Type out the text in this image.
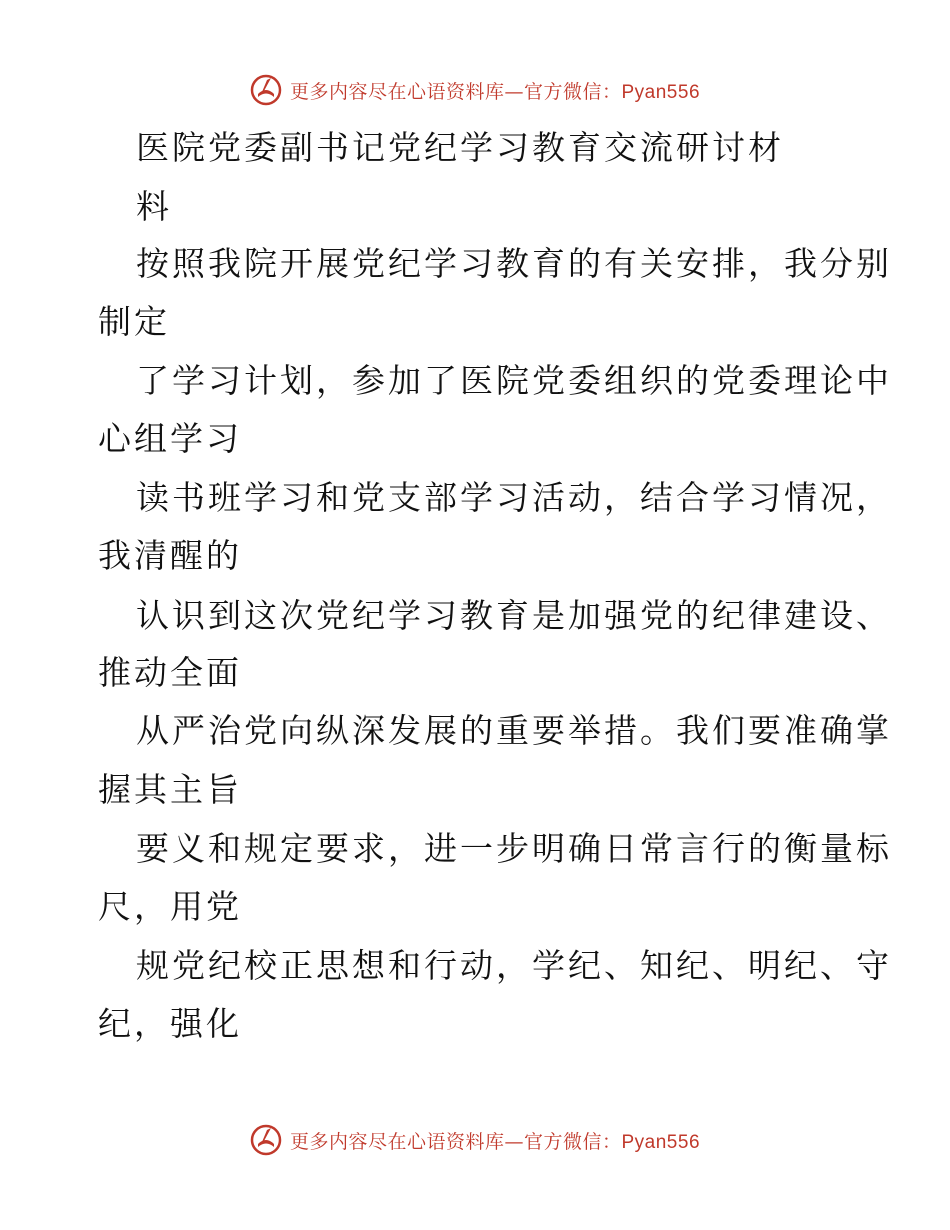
更多内容尽在心语资料库—官方微信：Pyan556
医院党委副书记党纪学习教育交流研讨材
料
按照我院开展党纪学习教育的有关安排，我分别
制定
了学习计划，参加了医院党委组织的党委理论中
心组学习
读书班学习和党支部学习活动，结合学习情况，
我清醒的
认识到这次党纪学习教育是加强党的纪律建设、
推动全面
从严治党向纵深发展的重要举措。我们要准确掌
握其主旨
要义和规定要求，进一步明确日常言行的衡量标
尺，用党
规党纪校正思想和行动，学纪、知纪、明纪、守
纪，强化
更多内容尽在心语资料库—官方微信：Pyan556
